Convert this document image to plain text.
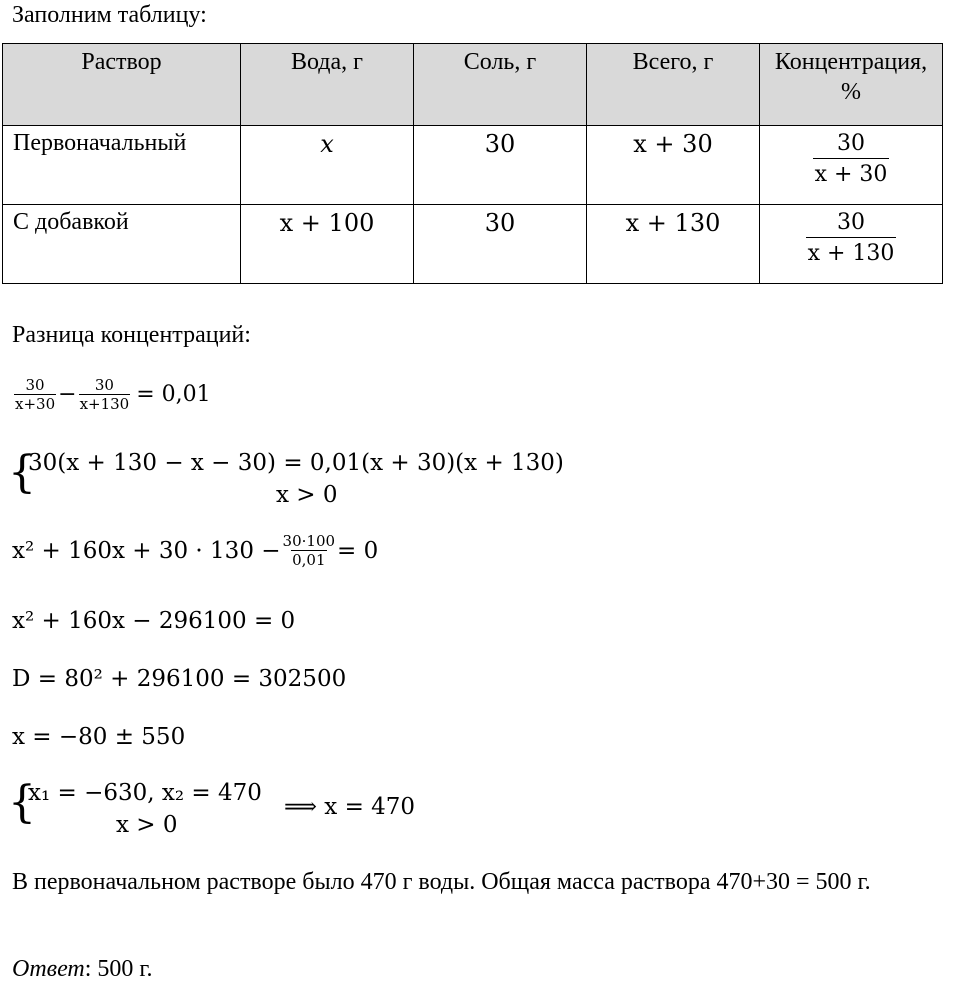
Заполним таблицу:
Раствор	Вода, г	Соль, г	Всего, г	Концентрация, %
Первоначальный	x	30	x + 30	$\frac{30}{x + 30}$

С добавкой	x + 100	30	x + 130	$\frac{30}{x + 130}$
Разница концентраций:
30
$x+30 - \frac{30}{x+130} = 0,01$
{
30(x + 130 − x − 30) = 0,01(x + 30)(x + 130)
x > 0
$x^2 + 160x + 30 \cdot 130 - \frac{30\cdot 100}{0,01} = 0$
x² + 160x − 296100 = 0
D = 80² + 296100 = 302500
x = −80 ± 550
{
x₁ = −630, x₂ = 470
x > 0
⟹ x = 470
В первоначальном растворе было 470 г воды. Общая масса раствора 470+30 = 500 г.
Ответ: 500 г.
